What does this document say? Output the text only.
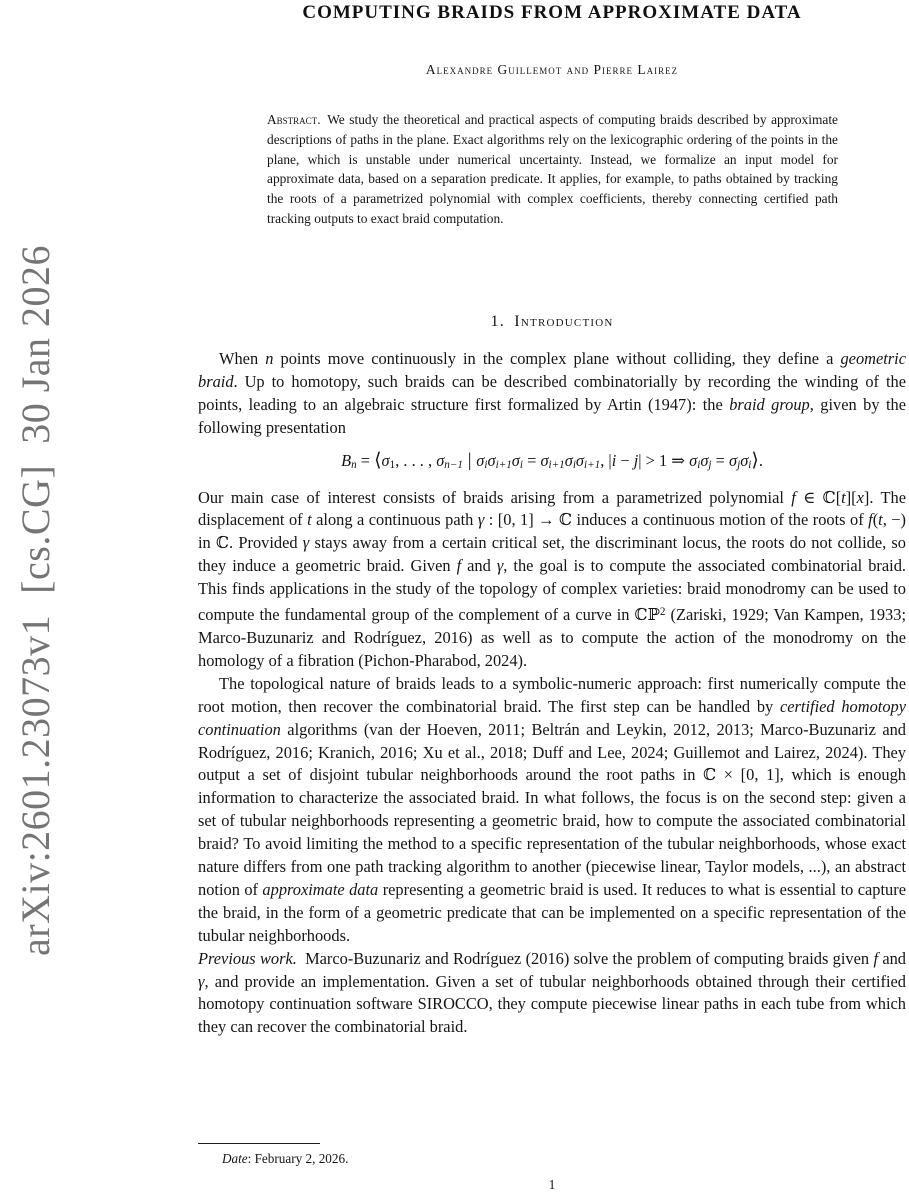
arXiv:2601.23073v1  [cs.CG]  30 Jan 2026
COMPUTING BRAIDS FROM APPROXIMATE DATA
Alexandre Guillemot and Pierre Lairez
Abstract. We study the theoretical and practical aspects of computing braids described by approximate descriptions of paths in the plane. Exact algorithms rely on the lexicographic ordering of the points in the plane, which is unstable under numerical uncertainty. Instead, we formalize an input model for approximate data, based on a separation predicate. It applies, for example, to paths obtained by tracking the roots of a parametrized polynomial with complex coefficients, thereby connecting certified path tracking outputs to exact braid computation.
1. Introduction

When n points move continuously in the complex plane without colliding, they define a geometric braid. Up to homotopy, such braids can be described combinatorially by recording the winding of the points, leading to an algebraic structure first formalized by Artin (1947): the braid group, given by the following presentation

Bn = ⟨σ1, . . . , σn−1 | σiσi+1σi = σi+1σiσi+1, |i − j| > 1 ⇒ σiσj = σjσi⟩.

Our main case of interest consists of braids arising from a parametrized polynomial f ∈ ℂ[t][x]. The displacement of t along a continuous path γ : [0, 1] → ℂ induces a continuous motion of the roots of f(t, −) in ℂ. Provided γ stays away from a certain critical set, the discriminant locus, the roots do not collide, so they induce a geometric braid. Given f and γ, the goal is to compute the associated combinatorial braid. This finds applications in the study of the topology of complex varieties: braid monodromy can be used to compute the fundamental group of the complement of a curve in ℂℙ$^2$ (Zariski, 1929; Van Kampen, 1933; Marco-Buzunariz and Rodríguez, 2016) as well as to compute the action of the monodromy on the homology of a fibration (Pichon-Pharabod, 2024).

The topological nature of braids leads to a symbolic-numeric approach: first numerically compute the root motion, then recover the combinatorial braid. The first step can be handled by certified homotopy continuation algorithms (van der Hoeven, 2011; Beltrán and Leykin, 2012, 2013; Marco-Buzunariz and Rodríguez, 2016; Kranich, 2016; Xu et al., 2018; Duff and Lee, 2024; Guillemot and Lairez, 2024). They output a set of disjoint tubular neighborhoods around the root paths in ℂ × [0, 1], which is enough information to characterize the associated braid. In what follows, the focus is on the second step: given a set of tubular neighborhoods representing a geometric braid, how to compute the associated combinatorial braid? To avoid limiting the method to a specific representation of the tubular neighborhoods, whose exact nature differs from one path tracking algorithm to another (piecewise linear, Taylor models, ...), an abstract notion of approximate data representing a geometric braid is used. It reduces to what is essential to capture the braid, in the form of a geometric predicate that can be implemented on a specific representation of the tubular neighborhoods.

Previous work. Marco-Buzunariz and Rodríguez (2016) solve the problem of computing braids given f and γ, and provide an implementation. Given a set of tubular neighborhoods obtained through their certified homotopy continuation software SIROCCO, they compute piecewise linear paths in each tube from which they can recover the combinatorial braid.

Date: February 2, 2026.
1
